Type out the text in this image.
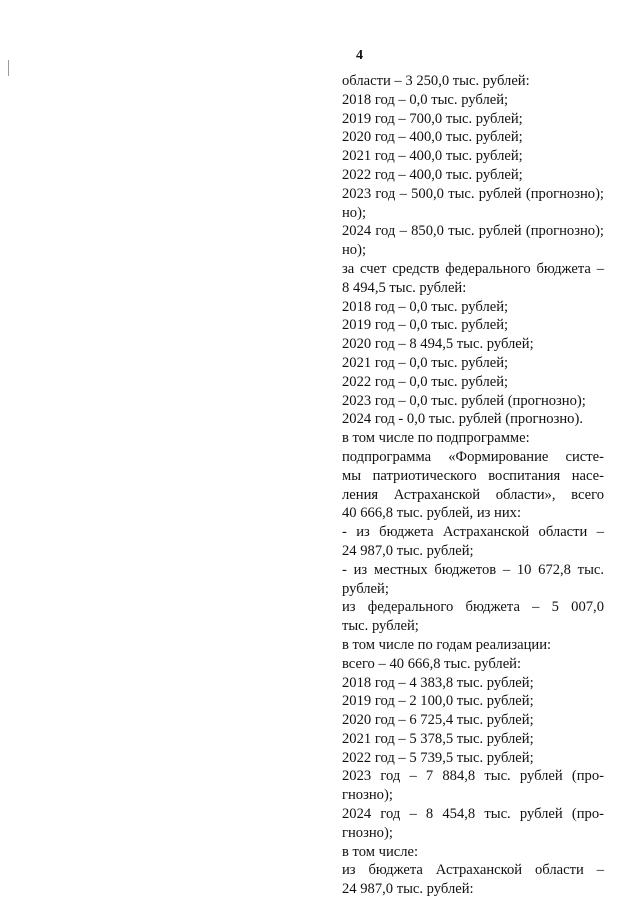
4
области – 3 250,0 тыс. рублей:
2018 год – 0,0 тыс. рублей;
2019 год – 700,0 тыс. рублей;
2020 год – 400,0 тыс. рублей;
2021 год – 400,0 тыс. рублей;
2022 год – 400,0 тыс. рублей;
2023 год – 500,0 тыс. рублей (прогнозно);
но);
2024 год – 850,0 тыс. рублей (прогнозно);
но);
за счет средств федерального бюджета –
8 494,5 тыс. рублей:
2018 год – 0,0 тыс. рублей;
2019 год – 0,0 тыс. рублей;
2020 год – 8 494,5 тыс. рублей;
2021 год – 0,0 тыс. рублей;
2022 год – 0,0 тыс. рублей;
2023 год – 0,0 тыс. рублей (прогнозно);
2024 год - 0,0 тыс. рублей (прогнозно).
в том числе по подпрограмме:
подпрограмма «Формирование систе-
мы патриотического воспитания насе-
ления Астраханской области», всего
40 666,8 тыс. рублей, из них:
- из бюджета Астраханской области –
24 987,0 тыс. рублей;
- из местных бюджетов – 10 672,8 тыс.
рублей;
из федерального бюджета – 5 007,0
тыс. рублей;
в том числе по годам реализации:
всего – 40 666,8 тыс. рублей:
2018 год – 4 383,8 тыс. рублей;
2019 год – 2 100,0 тыс. рублей;
2020 год – 6 725,4 тыс. рублей;
2021 год – 5 378,5 тыс. рублей;
2022 год – 5 739,5 тыс. рублей;
2023 год – 7 884,8 тыс. рублей (про-
гнозно);
2024 год – 8 454,8 тыс. рублей (про-
гнозно);
в том числе:
из бюджета Астраханской области –
24 987,0 тыс. рублей:
